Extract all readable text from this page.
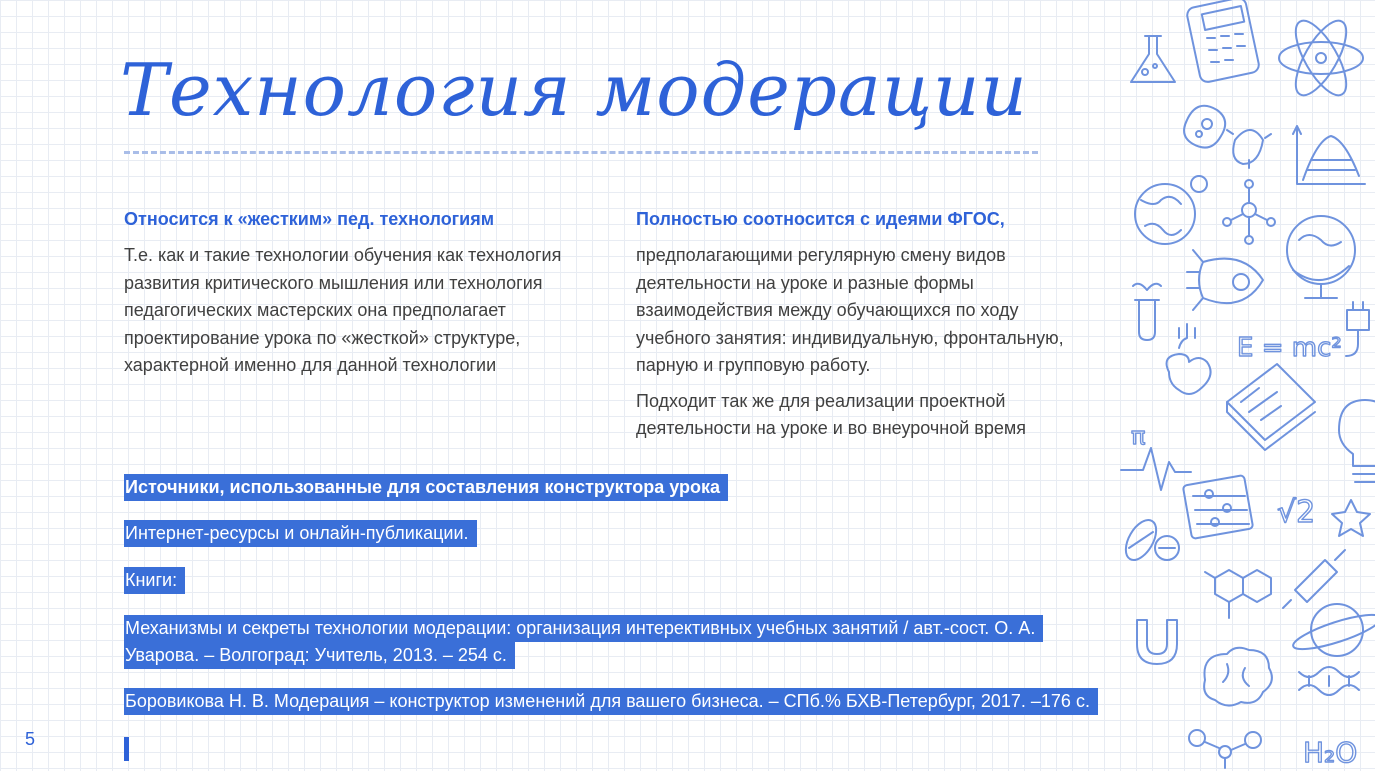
Технология модерации
Относится к «жестким» пед. технологиям

Т.е. как и такие технологии обучения как технология развития критического мышления или технология педагогических мастерских она предполагает проектирование урока по «жесткой» структуре, характерной именно для данной технологии

Полностью соотносится с идеями ФГОС,

предполагающими регулярную смену видов деятельности на уроке и разные формы взаимодействия между обучающихся по ходу учебного занятия: индивидуальную, фронтальную, парную и групповую работу.

Подходит так же для реализации проектной деятельности на уроке и во внеурочной время

Источники, использованные для составления конструктора урока
Интернет-ресурсы и онлайн-публикации.
Книги:
Механизмы и секреты технологии модерации: организация интерективных учебных занятий / авт.-сост. О. А.
Уварова. – Волгоград: Учитель, 2013. – 254 с.
Боровикова Н. В. Модерация – конструктор изменений для вашего бизнеса. – СПб.% БХВ-Петербург, 2017. –176 с.
5
E = mc²
π
√2
H₂O
